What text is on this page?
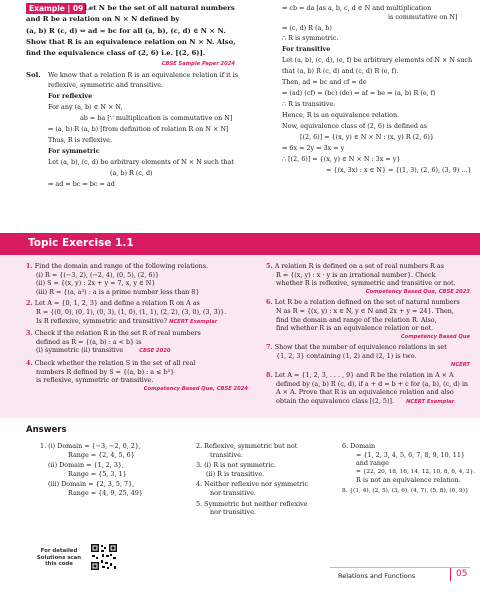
Example | 09 Let N be the set of all natural numbers
and R be a relation on N × N defined by
(a, b) R (c, d) ⇔ ad = bc for all (a, b), (c, d) ∈ N × N.
Show that R is an equivalence relation on N × N. Also,
find the equivalence class of (2, 6) i.e. [(2, 6)].
CBSE Sample Paper 2024
Sol. We know that a relation R is an equivalence relation if it is
reflexive, symmetric and transitive.
For reflexive
For any (a, b) ∈ N × N,
ab = ba [∵ multiplication is commutative on N]
⇒ (a, b) R (a, b) [from definition of relation R on N × N]
Thus, R is reflexive.
For symmetric
Let (a, b), (c, d) be arbitrary elements of N × N such that
(a, b) R (c, d)
⇒ ad = bc ⇒ bc = ad
⇒ cb = da [as a, b, c, d ∈ N and multiplication
is commutative on N]
⇒ (c, d) R (a, b)
∴ R is symmetric.
For transitive
Let (a, b), (c, d), (e, f) be arbitrary elements of N × N such
that (a, b) R (c, d) and (c, d) R (e, f).
Then, ad = bc and cf = de
⇒ (ad) (cf) = (bc) (de) ⇒ af = be ⇒ (a, b) R (e, f)
∴ R is transitive.
Hence, R is an equivalence relation.
Now, equivalence class of (2, 6) is defined as
[(2, 6)] = {(x, y) ∈ N × N : (x, y) R (2, 6)}
⇒ 6x = 2y ⇒ 3x = y
∴ [(2, 6)] = {(x, y) ∈ N × N : 3x = y}
= {(x, 3x) : x ∈ N} = {(1, 3), (2, 6), (3, 9) ...}
Topic Exercise 1.1
1. Find the domain and range of the following relations.
(i) R = {(−3, 2), (−2, 4), (0, 5), (2, 6)}
(ii) S = {(x, y) : 2x + y = 7, x, y ∈ N}
(iii) R = {(a, a³) : a is a prime number less than 8}
2. Let A = {0, 1, 2, 3} and define a relation R on A as
R = {(0, 0), (0, 1), (0, 3), (1, 0), (1, 1), (2, 2), (3, 0), (3, 3)}.
Is R reflexive, symmetric and transitive? NCERT Exemplar
3. Check if the relation R in the set R of real numbers
defined as R = {(a, b) : a < b} is
(i) symmetric (ii) transitive	CBSE 2020
4. Check whether the relation S in the set of all real
numbers R defined by S = {(a, b) : a ≤ b³}
is reflexive, symmetric or transitive.
Competency Based Que, CBSE 2024
5. A relation R is defined on a set of real numbers R as
R = {(x, y) : x · y is an irrational number}. Check
whether R is reflexive, symmetric and transitive or not.
Competency Based Que, CBSE 2023
6. Let R be a relation defined on the set of natural numbers
N as R = {(x, y) : x ∈ N, y ∈ N and 2x + y = 24}. Then,
find the domain and range of the relation R. Also,
find whether R is an equivalence relation or not.
Competency Based Que
7. Show that the number of equivalence relations in set
{1, 2, 3} containing (1, 2) and (2, 1) is two.
NCERT
8. Let A = {1, 2, 3, . . . , 9} and R be the relation in A × A
defined by (a, b) R (c, d), if a + d = b + c for (a, b), (c, d) in
A × A. Prove that R is an equivalence relation and also
obtain the equivalence class [(2, 5)]. NCERT Exemplar
Answers
1. (i) Domain = {−3, −2, 0, 2},
Range = {2, 4, 5, 6}
(ii) Domain = {1, 2, 3},
Range = {5, 3, 1}
(iii) Domain = {2, 3, 5, 7},
Range = {4, 9, 25, 49}
2. Reflexive, symmetric but not
transitive.
3. (i) R is not symmetric.
(ii) R is transitive.
4. Neither reflexive nor symmetric
nor transitive.
5. Symmetric but neither reflexive
nor transitive.
6. Domain
= {1, 2, 3, 4, 5, 6, 7, 8, 9, 10, 11}
and range
= {22, 20, 18, 16, 14, 12, 10, 8, 6, 4, 2}.
R is not an equivalence relation.
8. {(1, 4), (2, 5), (3, 6), (4, 7), (5, 8), (6, 9)}
For detailed Solutions scan this code
Relations and Functions	05
